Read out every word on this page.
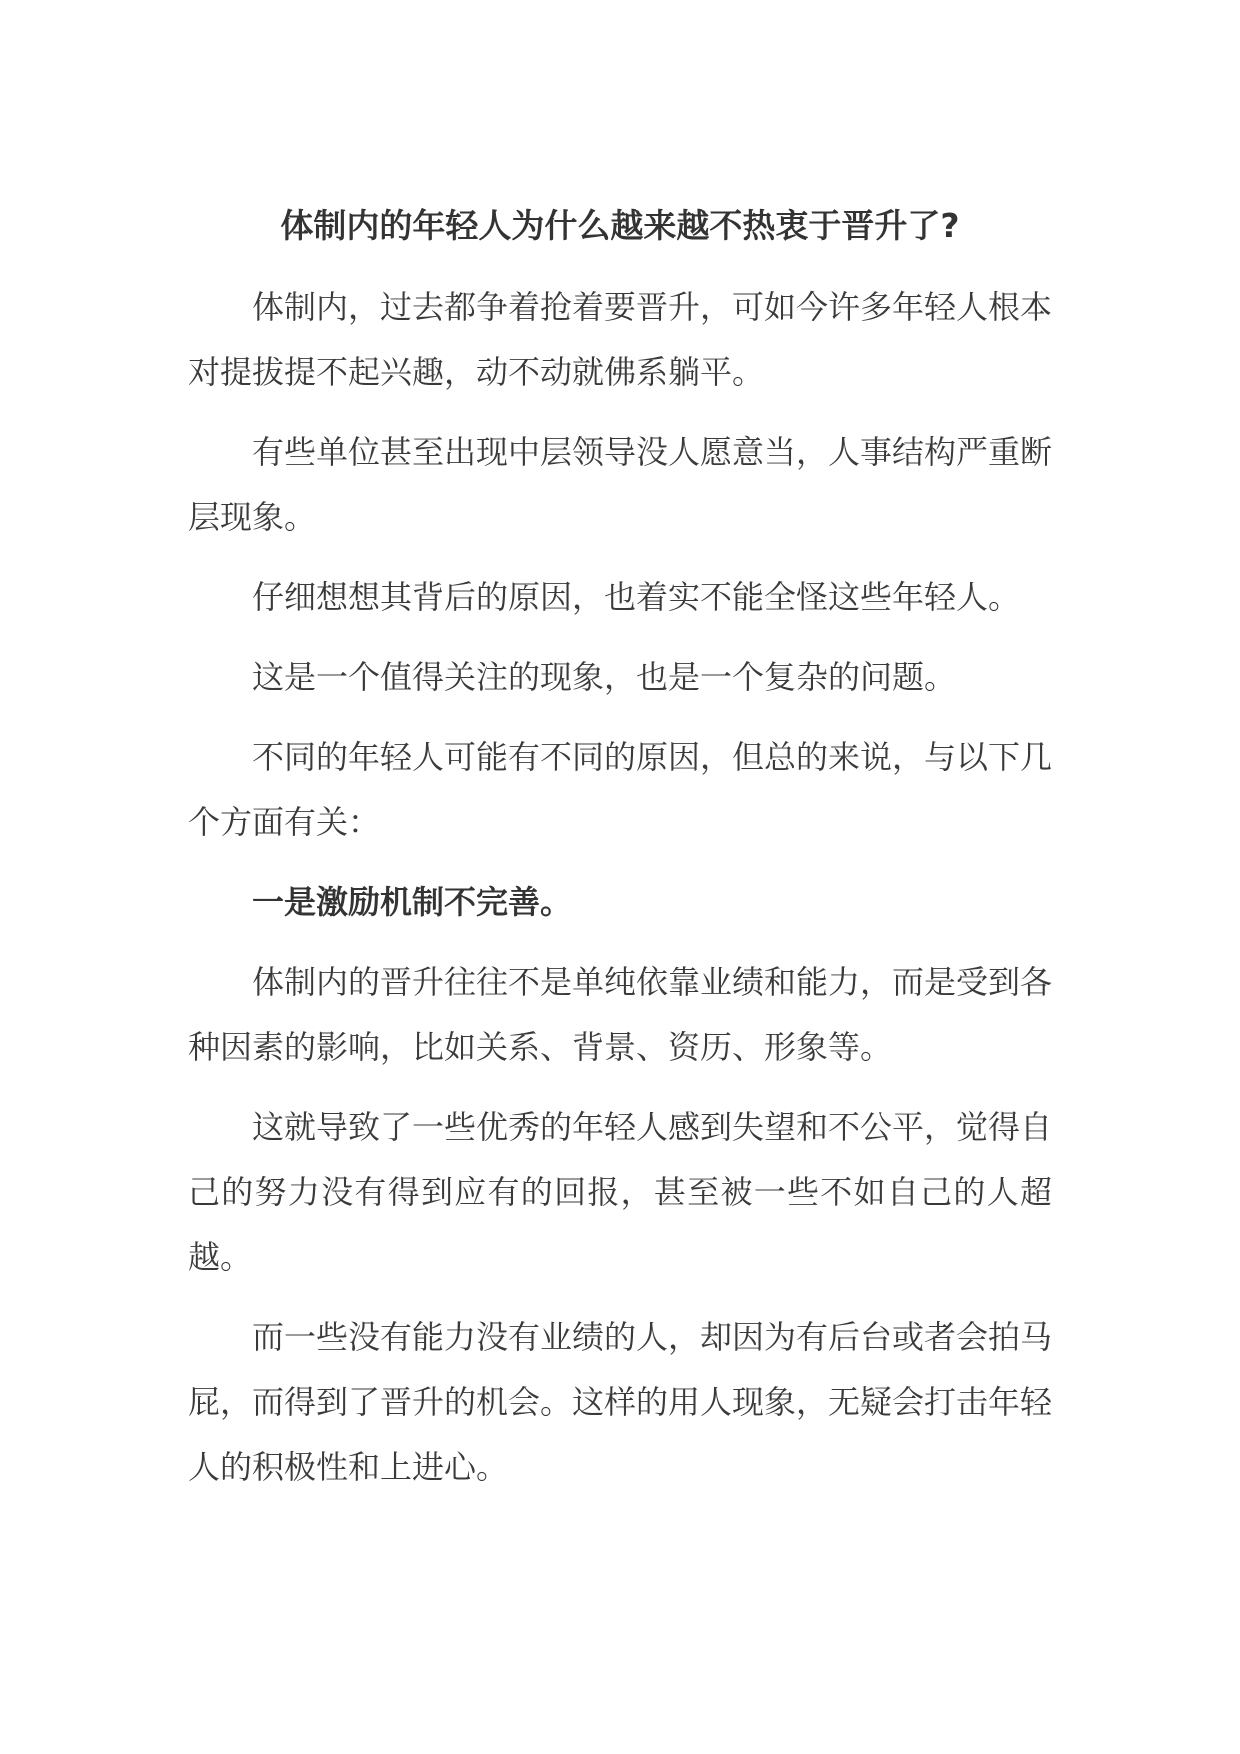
体制内的年轻人为什么越来越不热衷于晋升了?

体制内，过去都争着抢着要晋升，可如今许多年轻人根本对提拔提不起兴趣，动不动就佛系躺平。

有些单位甚至出现中层领导没人愿意当，人事结构严重断层现象。

仔细想想其背后的原因，也着实不能全怪这些年轻人。

这是一个值得关注的现象，也是一个复杂的问题。

不同的年轻人可能有不同的原因，但总的来说，与以下几个方面有关：

一是激励机制不完善。

体制内的晋升往往不是单纯依靠业绩和能力，而是受到各种因素的影响，比如关系、背景、资历、形象等。

这就导致了一些优秀的年轻人感到失望和不公平，觉得自己的努力没有得到应有的回报，甚至被一些不如自己的人超越。

而一些没有能力没有业绩的人，却因为有后台或者会拍马屁，而得到了晋升的机会。这样的用人现象，无疑会打击年轻人的积极性和上进心。
